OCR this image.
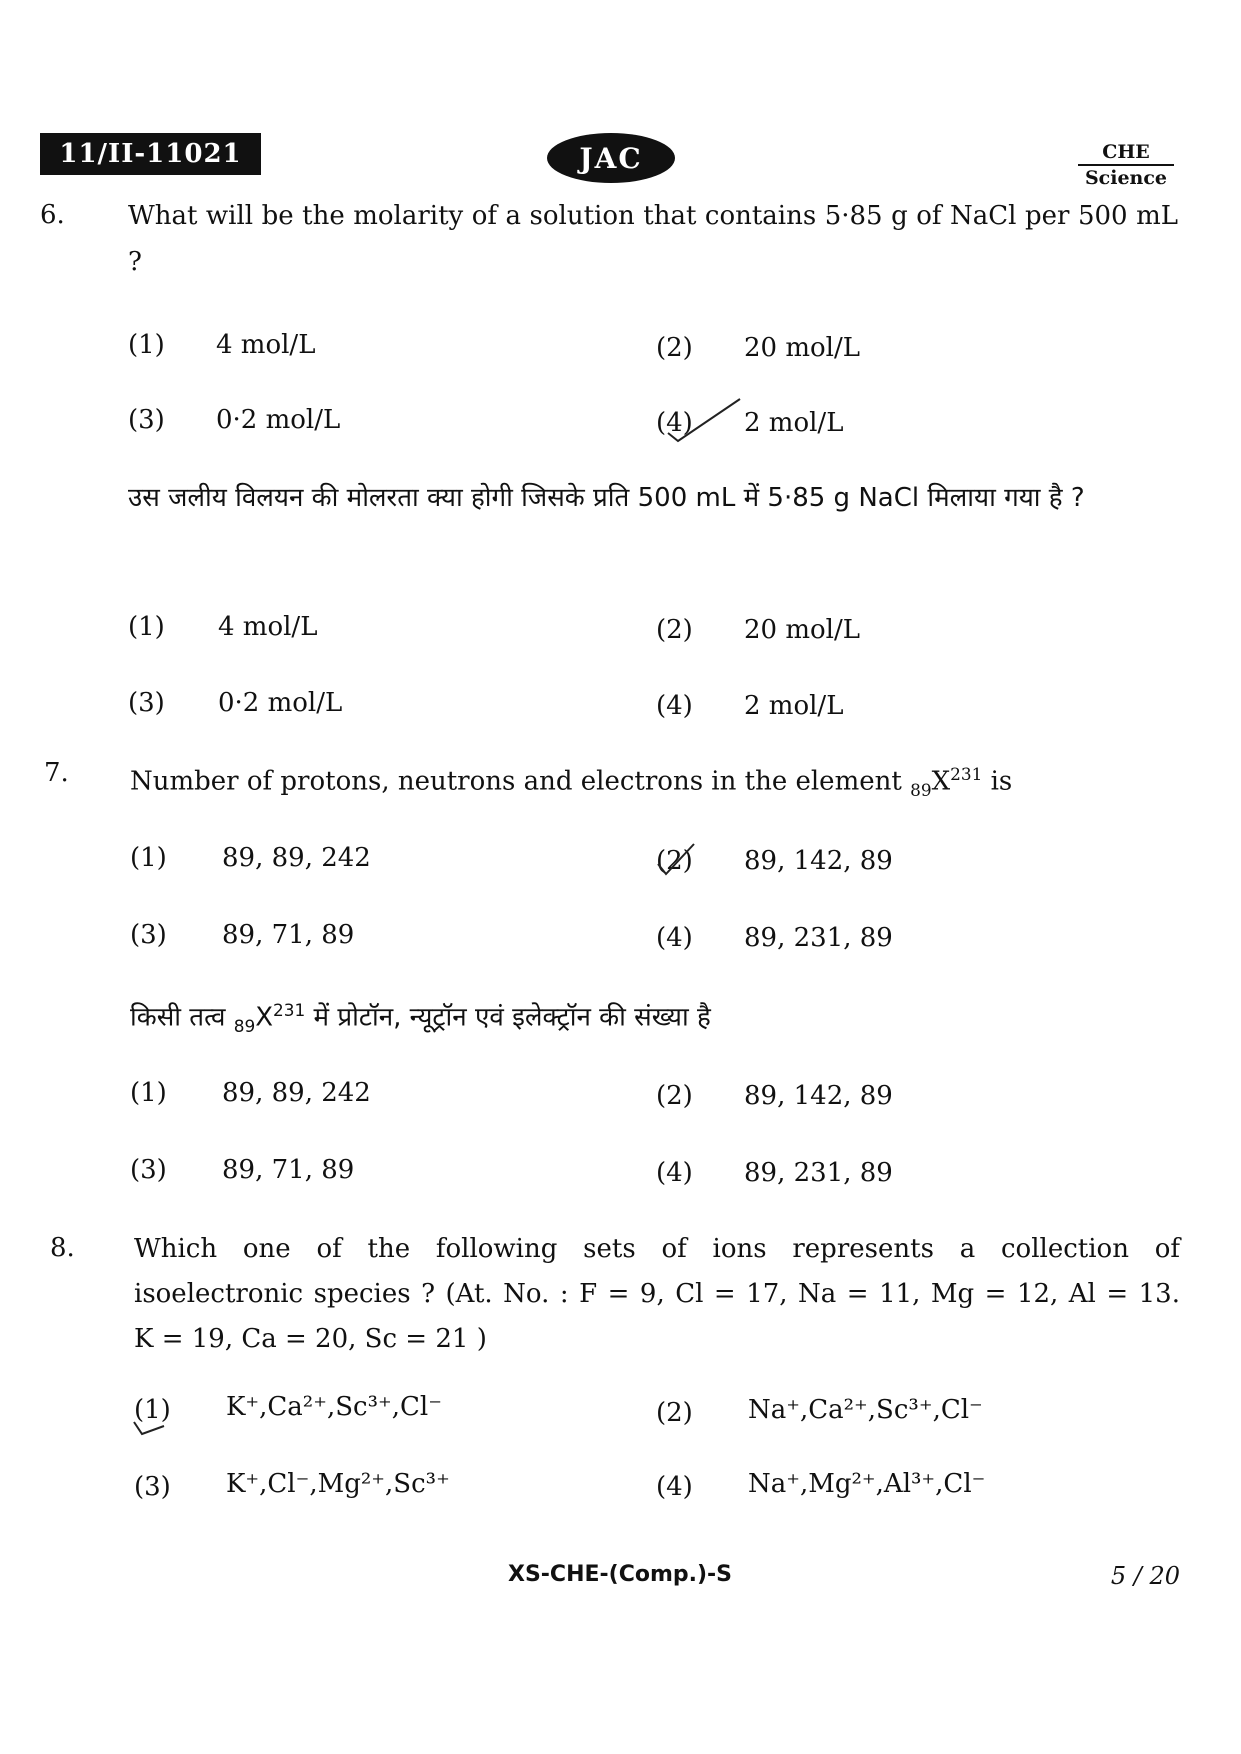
11/II-11021	JAC	CHE
Science
6. What will be the molarity of a solution that contains 5·85 g of NaCl per 500 mL ?
(1) 4 mol/L	(2) 20 mol/L
(3) 0·2 mol/L	(4) 2 mol/L
उस जलीय विलयन की मोलरता क्या होगी जिसके प्रति 500 mL में 5·85 g NaCl मिलाया गया है ?
(1) 4 mol/L	(2) 20 mol/L
(3) 0·2 mol/L	(4) 2 mol/L
7. Number of protons, neutrons and electrons in the element $_{89}X^{231}$ is
(1) 89, 89, 242	(2) 89, 142, 89
(3) 89, 71, 89	(4) 89, 231, 89
किसी तत्व $_{89}X^{231}$ में प्रोटॉन, न्यूट्रॉन एवं इलेक्ट्रॉन की संख्या है
(1) 89, 89, 242	(2) 89, 142, 89
(3) 89, 71, 89	(4) 89, 231, 89
8. Which one of the following sets of ions represents a collection of
isoelectronic species ? (At. No. : F = 9, Cl = 17, Na = 11, Mg = 12, Al = 13.
K = 19, Ca = 20, Sc = 21 )
(1) K⁺,Ca²⁺,Sc³⁺,Cl⁻	(2) Na⁺,Ca²⁺,Sc³⁺,Cl⁻
(3) K⁺,Cl⁻,Mg²⁺,Sc³⁺	(4) Na⁺,Mg²⁺,Al³⁺,Cl⁻
XS-CHE-(Comp.)-S	5 / 20
